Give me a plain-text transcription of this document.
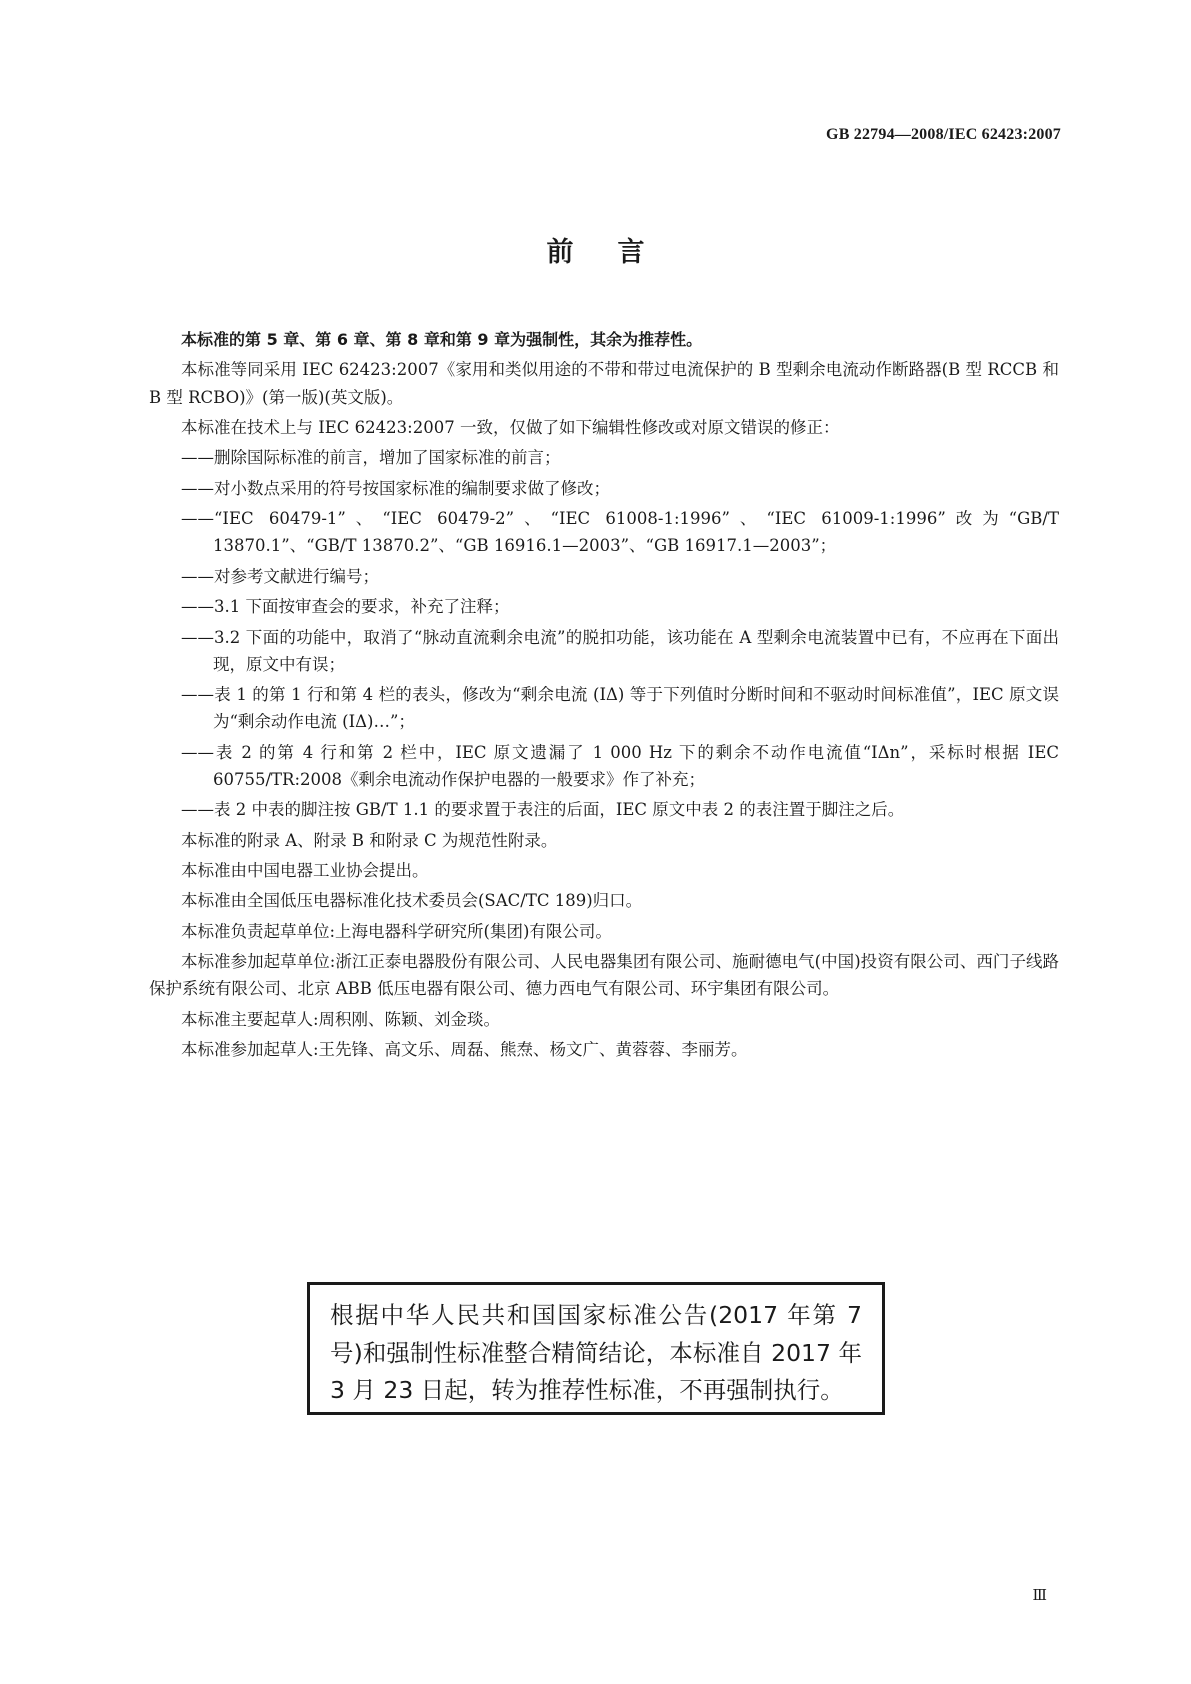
GB 22794—2008/IEC 62423:2007
前言

本标准的第 5 章、第 6 章、第 8 章和第 9 章为强制性，其余为推荐性。

本标准等同采用 IEC 62423:2007《家用和类似用途的不带和带过电流保护的 B 型剩余电流动作断路器(B 型 RCCB 和 B 型 RCBO)》(第一版)(英文版)。

本标准在技术上与 IEC 62423:2007 一致，仅做了如下编辑性修改或对原文错误的修正：

——删除国际标准的前言，增加了国家标准的前言；

——对小数点采用的符号按国家标准的编制要求做了修改；

——“IEC 60479-1”、“IEC 60479-2”、“IEC 61008-1:1996”、“IEC 61009-1:1996”改为“GB/T 13870.1”、“GB/T 13870.2”、“GB 16916.1—2003”、“GB 16917.1—2003”；

——对参考文献进行编号；

——3.1 下面按审查会的要求，补充了注释；

——3.2 下面的功能中，取消了“脉动直流剩余电流”的脱扣功能，该功能在 A 型剩余电流装置中已有，不应再在下面出现，原文中有误；

——表 1 的第 1 行和第 4 栏的表头，修改为“剩余电流 (IΔ) 等于下列值时分断时间和不驱动时间标准值”，IEC 原文误为“剩余动作电流 (IΔ)…”；

——表 2 的第 4 行和第 2 栏中，IEC 原文遗漏了 1 000 Hz 下的剩余不动作电流值“IΔn”，采标时根据 IEC 60755/TR:2008《剩余电流动作保护电器的一般要求》作了补充；

——表 2 中表的脚注按 GB/T 1.1 的要求置于表注的后面，IEC 原文中表 2 的表注置于脚注之后。

本标准的附录 A、附录 B 和附录 C 为规范性附录。

本标准由中国电器工业协会提出。

本标准由全国低压电器标准化技术委员会(SAC/TC 189)归口。

本标准负责起草单位:上海电器科学研究所(集团)有限公司。

本标准参加起草单位:浙江正泰电器股份有限公司、人民电器集团有限公司、施耐德电气(中国)投资有限公司、西门子线路保护系统有限公司、北京 ABB 低压电器有限公司、德力西电气有限公司、环宇集团有限公司。

本标准主要起草人:周积刚、陈颖、刘金琰。

本标准参加起草人:王先锋、高文乐、周磊、熊焘、杨文广、黄蓉蓉、李丽芳。

根据中华人民共和国国家标准公告(2017 年第 7 号)和强制性标准整合精简结论，本标准自 2017 年 3 月 23 日起，转为推荐性标准，不再强制执行。
Ⅲ
